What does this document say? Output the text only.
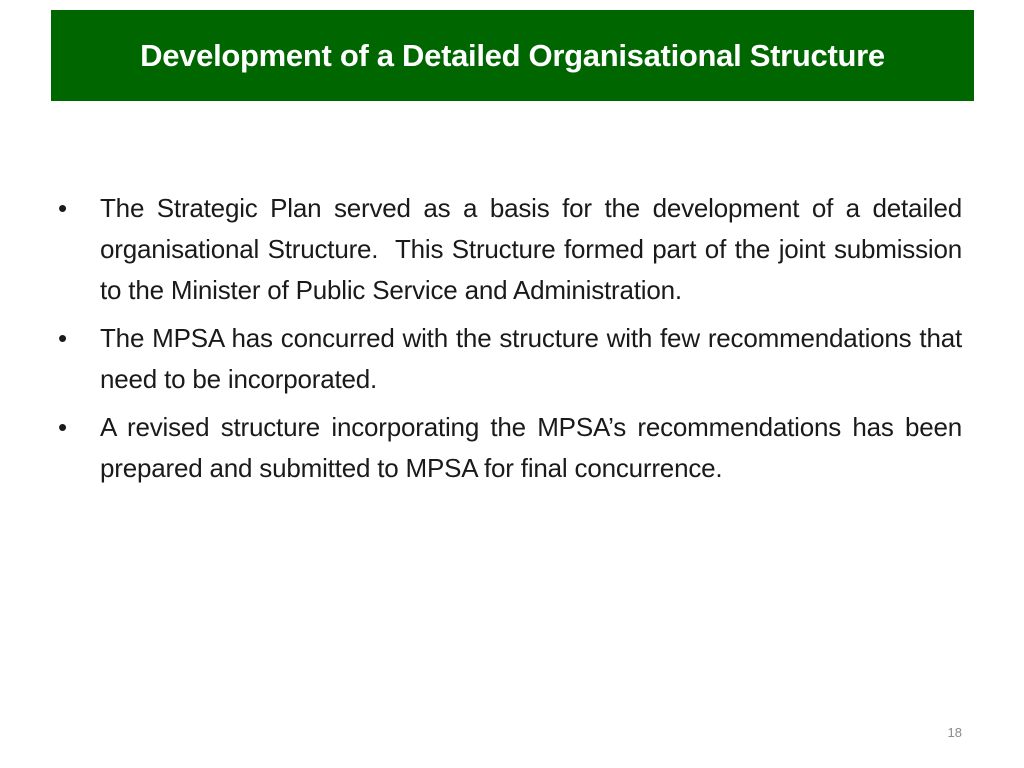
Development of a Detailed Organisational Structure
•	The Strategic Plan served as a basis for the development of a detailed organisational Structure.  This Structure formed part of the joint submission to the Minister of Public Service and Administration.
•	The MPSA has concurred with the structure with few recommendations that need to be incorporated.
•	A revised structure incorporating the MPSA’s recommendations has been prepared and submitted to MPSA for final concurrence.
18
